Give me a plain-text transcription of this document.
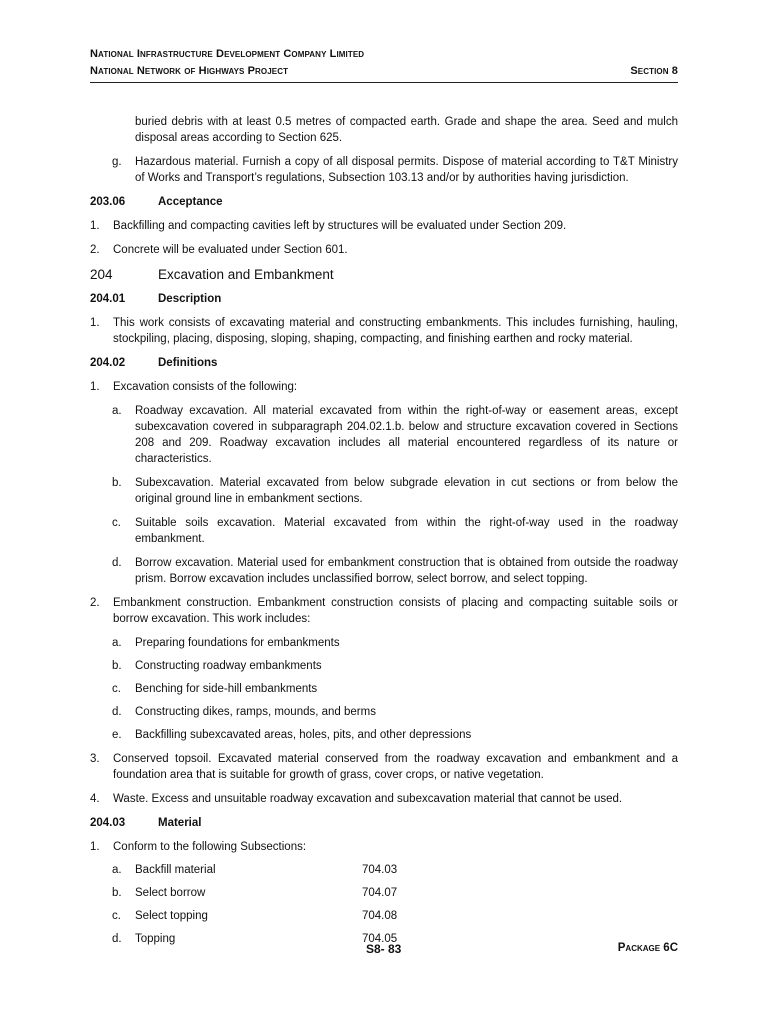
National Infrastructure Development Company Limited
National Network of Highways Project	Section 8
buried debris with at least 0.5 metres of compacted earth. Grade and shape the area. Seed and mulch disposal areas according to Section 625.
g. Hazardous material. Furnish a copy of all disposal permits. Dispose of material according to T&T Ministry of Works and Transport’s regulations, Subsection 103.13 and/or by authorities having jurisdiction.
203.06	Acceptance
1. Backfilling and compacting cavities left by structures will be evaluated under Section 209.
2. Concrete will be evaluated under Section 601.
204	Excavation and Embankment
204.01	Description
1. This work consists of excavating material and constructing embankments. This includes furnishing, hauling, stockpiling, placing, disposing, sloping, shaping, compacting, and finishing earthen and rocky material.
204.02	Definitions
1. Excavation consists of the following:
a. Roadway excavation. All material excavated from within the right-of-way or easement areas, except subexcavation covered in subparagraph 204.02.1.b. below and structure excavation covered in Sections 208 and 209. Roadway excavation includes all material encountered regardless of its nature or characteristics.
b. Subexcavation. Material excavated from below subgrade elevation in cut sections or from below the original ground line in embankment sections.
c. Suitable soils excavation. Material excavated from within the right-of-way used in the roadway embankment.
d. Borrow excavation. Material used for embankment construction that is obtained from outside the roadway prism. Borrow excavation includes unclassified borrow, select borrow, and select topping.
2. Embankment construction. Embankment construction consists of placing and compacting suitable soils or borrow excavation. This work includes:
a. Preparing foundations for embankments
b. Constructing roadway embankments
c. Benching for side-hill embankments
d. Constructing dikes, ramps, mounds, and berms
e. Backfilling subexcavated areas, holes, pits, and other depressions
3. Conserved topsoil. Excavated material conserved from the roadway excavation and embankment and a foundation area that is suitable for growth of grass, cover crops, or native vegetation.
4. Waste. Excess and unsuitable roadway excavation and subexcavation material that cannot be used.
204.03	Material
1. Conform to the following Subsections:
a. Backfill material	704.03
b. Select borrow	704.07
c. Select topping	704.08
d. Topping	704.05
S8- 83	Package 6C
